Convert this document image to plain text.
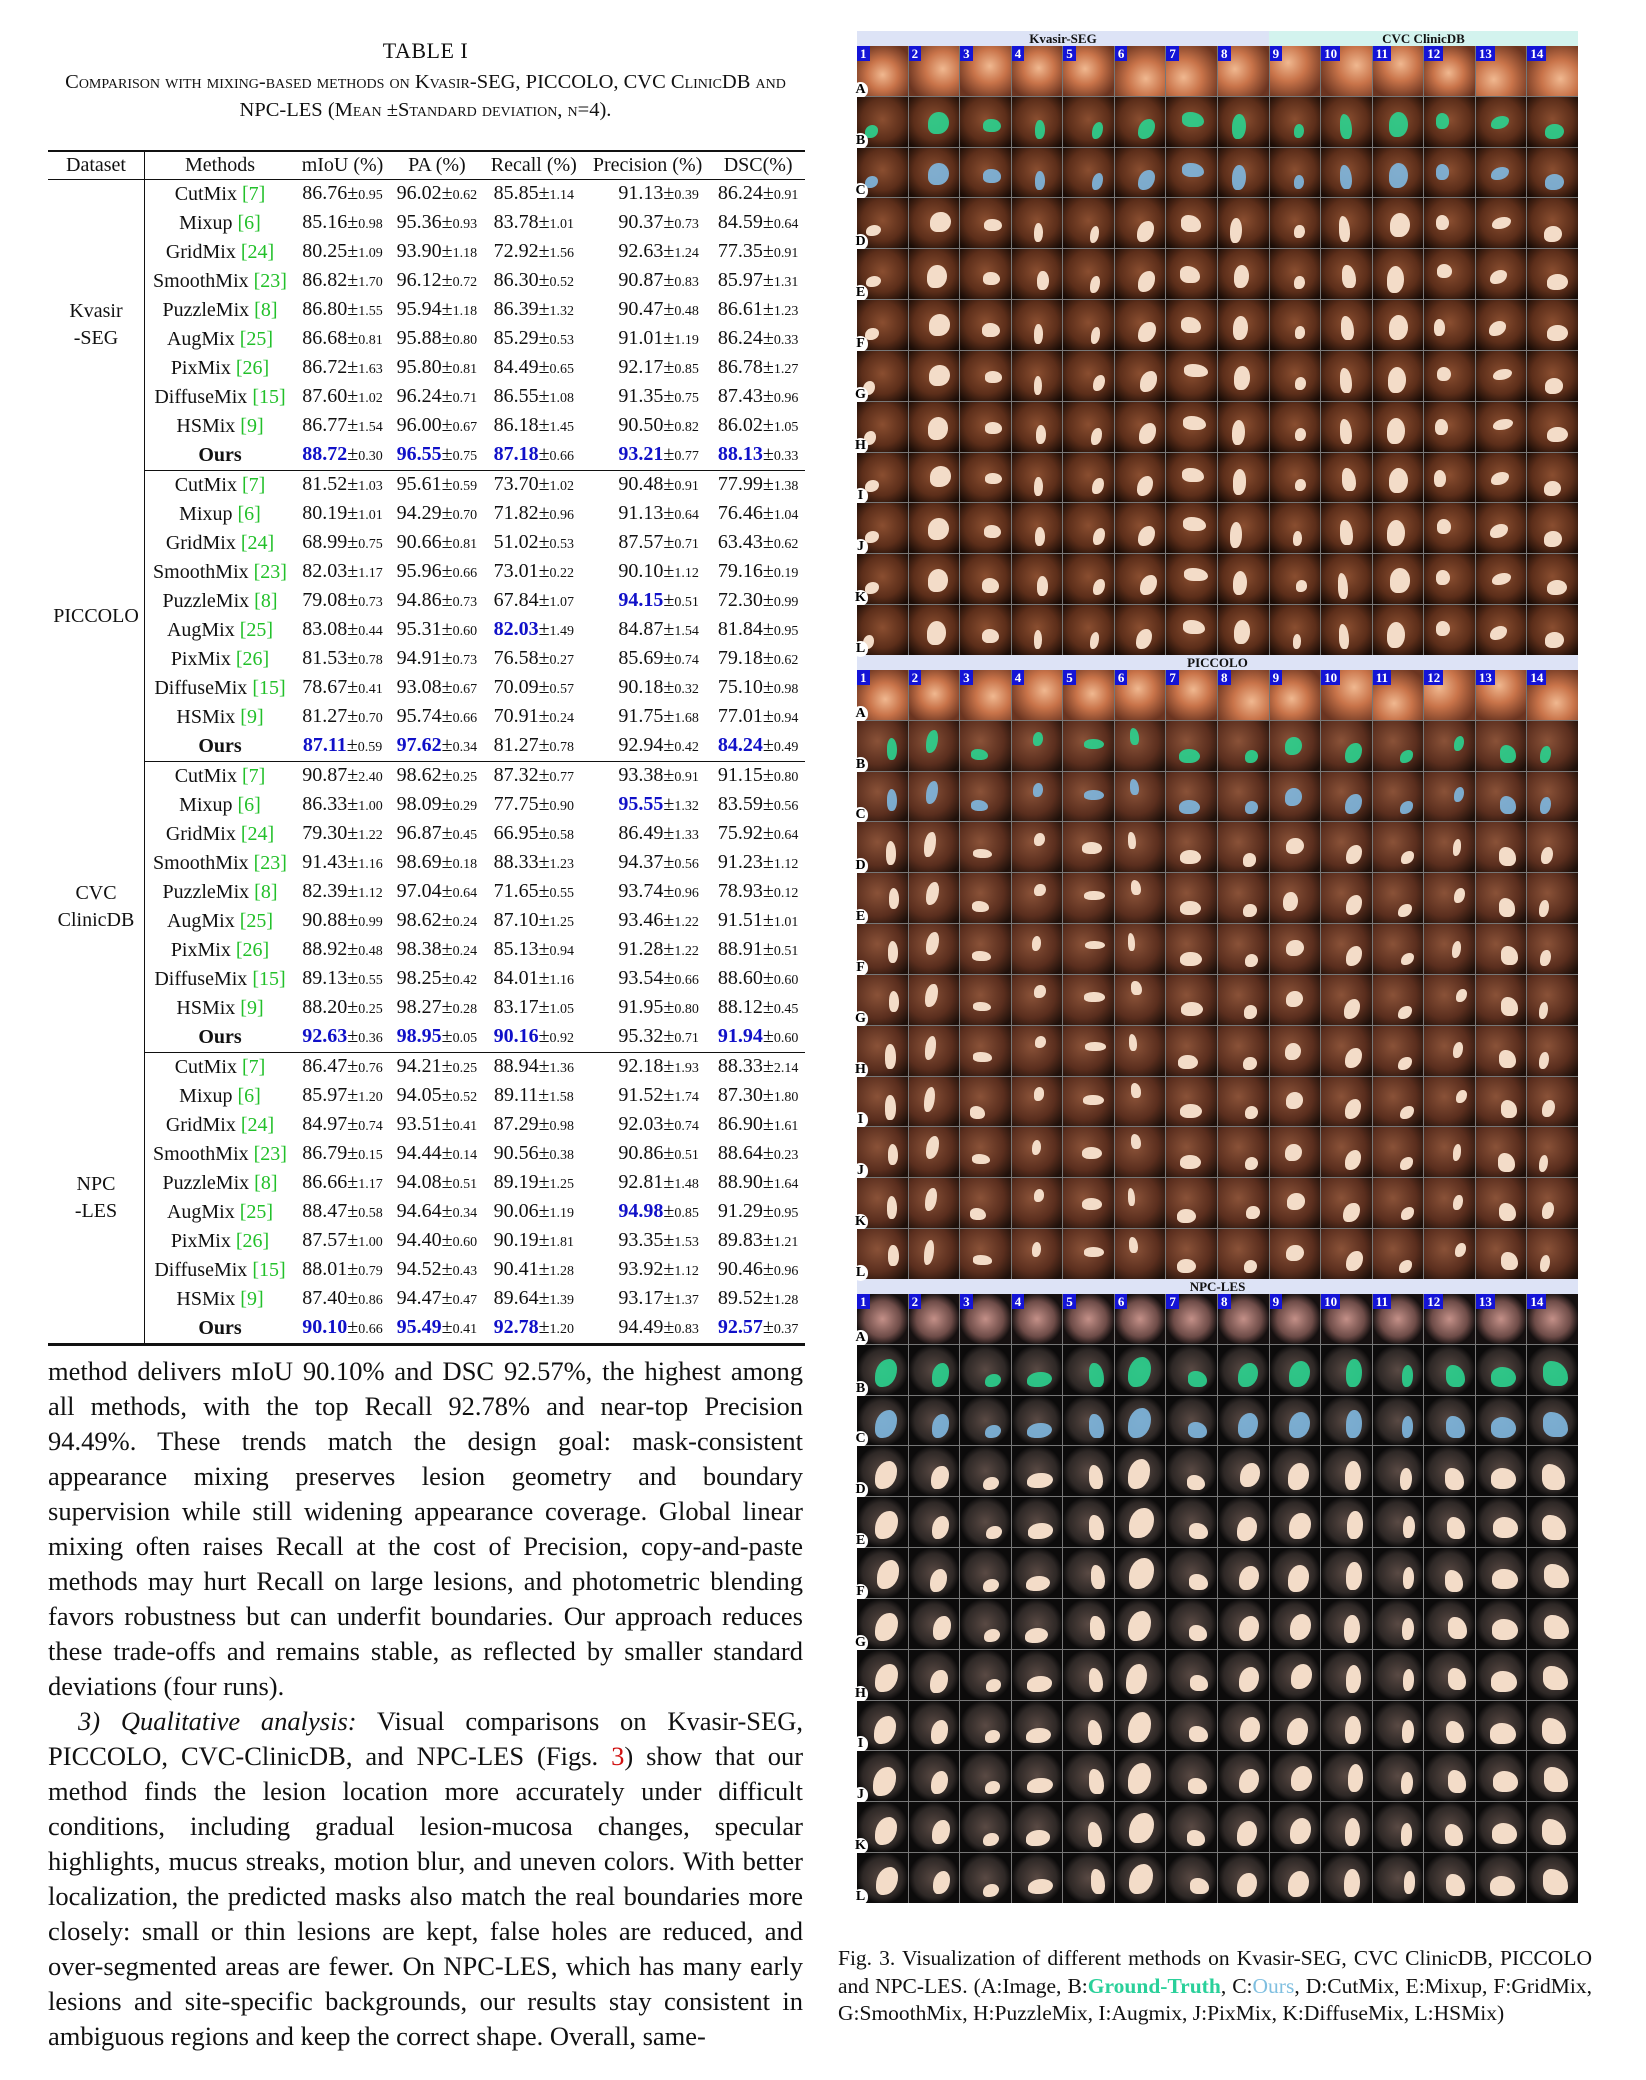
TABLE I
Comparison with mixing-based methods on Kvasir-SEG, PICCOLO, CVC ClinicDB and NPC-LES (Mean ±Standard deviation, n=4).
Dataset	Methods	mIoU (%)	PA (%)	Recall (%)	Precision (%)	DSC(%)

Kvasir
-SEG	CutMix [7]	86.76±0.95	96.02±0.62	85.85±1.14	91.13±0.39	86.24±0.91
	Mixup [6]	85.16±0.98	95.36±0.93	83.78±1.01	90.37±0.73	84.59±0.64
	GridMix [24]	80.25±1.09	93.90±1.18	72.92±1.56	92.63±1.24	77.35±0.91
	SmoothMix [23]	86.82±1.70	96.12±0.72	86.30±0.52	90.87±0.83	85.97±1.31
	PuzzleMix [8]	86.80±1.55	95.94±1.18	86.39±1.32	90.47±0.48	86.61±1.23
	AugMix [25]	86.68±0.81	95.88±0.80	85.29±0.53	91.01±1.19	86.24±0.33
	PixMix [26]	86.72±1.63	95.80±0.81	84.49±0.65	92.17±0.85	86.78±1.27
	DiffuseMix [15]	87.60±1.02	96.24±0.71	86.55±1.08	91.35±0.75	87.43±0.96
	HSMix [9]	86.77±1.54	96.00±0.67	86.18±1.45	90.50±0.82	86.02±1.05
	Ours	88.72±0.30	96.55±0.75	87.18±0.66	93.21±0.77	88.13±0.33

PICCOLO	CutMix [7]	81.52±1.03	95.61±0.59	73.70±1.02	90.48±0.91	77.99±1.38
	Mixup [6]	80.19±1.01	94.29±0.70	71.82±0.96	91.13±0.64	76.46±1.04
	GridMix [24]	68.99±0.75	90.66±0.81	51.02±0.53	87.57±0.71	63.43±0.62
	SmoothMix [23]	82.03±1.17	95.96±0.66	73.01±0.22	90.10±1.12	79.16±0.19
	PuzzleMix [8]	79.08±0.73	94.86±0.73	67.84±1.07	94.15±0.51	72.30±0.99
	AugMix [25]	83.08±0.44	95.31±0.60	82.03±1.49	84.87±1.54	81.84±0.95
	PixMix [26]	81.53±0.78	94.91±0.73	76.58±0.27	85.69±0.74	79.18±0.62
	DiffuseMix [15]	78.67±0.41	93.08±0.67	70.09±0.57	90.18±0.32	75.10±0.98
	HSMix [9]	81.27±0.70	95.74±0.66	70.91±0.24	91.75±1.68	77.01±0.94
	Ours	87.11±0.59	97.62±0.34	81.27±0.78	92.94±0.42	84.24±0.49

CVC
ClinicDB	CutMix [7]	90.87±2.40	98.62±0.25	87.32±0.77	93.38±0.91	91.15±0.80
	Mixup [6]	86.33±1.00	98.09±0.29	77.75±0.90	95.55±1.32	83.59±0.56
	GridMix [24]	79.30±1.22	96.87±0.45	66.95±0.58	86.49±1.33	75.92±0.64
	SmoothMix [23]	91.43±1.16	98.69±0.18	88.33±1.23	94.37±0.56	91.23±1.12
	PuzzleMix [8]	82.39±1.12	97.04±0.64	71.65±0.55	93.74±0.96	78.93±0.12
	AugMix [25]	90.88±0.99	98.62±0.24	87.10±1.25	93.46±1.22	91.51±1.01
	PixMix [26]	88.92±0.48	98.38±0.24	85.13±0.94	91.28±1.22	88.91±0.51
	DiffuseMix [15]	89.13±0.55	98.25±0.42	84.01±1.16	93.54±0.66	88.60±0.60
	HSMix [9]	88.20±0.25	98.27±0.28	83.17±1.05	91.95±0.80	88.12±0.45
	Ours	92.63±0.36	98.95±0.05	90.16±0.92	95.32±0.71	91.94±0.60

NPC
-LES	CutMix [7]	86.47±0.76	94.21±0.25	88.94±1.36	92.18±1.93	88.33±2.14
	Mixup [6]	85.97±1.20	94.05±0.52	89.11±1.58	91.52±1.74	87.30±1.80
	GridMix [24]	84.97±0.74	93.51±0.41	87.29±0.98	92.03±0.74	86.90±1.61
	SmoothMix [23]	86.79±0.15	94.44±0.14	90.56±0.38	90.86±0.51	88.64±0.23
	PuzzleMix [8]	86.66±1.17	94.08±0.51	89.19±1.25	92.81±1.48	88.90±1.64
	AugMix [25]	88.47±0.58	94.64±0.34	90.06±1.19	94.98±0.85	91.29±0.95
	PixMix [26]	87.57±1.00	94.40±0.60	90.19±1.81	93.35±1.53	89.83±1.21
	DiffuseMix [15]	88.01±0.79	94.52±0.43	90.41±1.28	93.92±1.12	90.46±0.96
	HSMix [9]	87.40±0.86	94.47±0.47	89.64±1.39	93.17±1.37	89.52±1.28
	Ours	90.10±0.66	95.49±0.41	92.78±1.20	94.49±0.83	92.57±0.37

method delivers mIoU 90.10% and DSC 92.57%, the highest among all methods, with the top Recall 92.78% and near-top Precision 94.49%. These trends match the design goal: mask-consistent appearance mixing preserves lesion geometry and boundary supervision while still widening appearance coverage. Global linear mixing often raises Recall at the cost of Precision, copy-and-paste methods may hurt Recall on large lesions, and photometric blending favors robustness but can underfit boundaries. Our approach reduces these trade-offs and remains stable, as reflected by smaller standard deviations (four runs).

3) Qualitative analysis: Visual comparisons on Kvasir-SEG, PICCOLO, CVC-ClinicDB, and NPC-LES (Figs. 3) show that our method finds the lesion location more accurately under difficult conditions, including gradual lesion-mucosa changes, specular highlights, mucus streaks, motion blur, and uneven colors. With better localization, the predicted masks also match the real boundaries more closely: small or thin lesions are kept, false holes are reduced, and over-segmented areas are fewer. On NPC-LES, which has many early lesions and site-specific backgrounds, our results stay consistent in ambiguous regions and keep the correct shape. Overall, same-

Kvasir-SEG	CVC ClinicDB
1
A
2	3	4	5	6	7	8	9	10	11	12	13	14
B
C
D
E
F
G
H
I
J
K
L
PICCOLO
1
A
2	3	4	5	6	7	8	9	10	11	12	13	14
B
C
D
E
F
G
H
I
J
K
L
NPC-LES
1
A
2	3	4	5	6	7	8	9	10	11	12	13	14
B
C
D
E
F
G
H
I
J
K
L
Fig. 3. Visualization of different methods on Kvasir-SEG, CVC ClinicDB, PICCOLO and NPC-LES. (A:Image, B:Ground-Truth, C:Ours, D:CutMix, E:Mixup, F:GridMix, G:SmoothMix, H:PuzzleMix, I:Augmix, J:PixMix, K:DiffuseMix, L:HSMix)
